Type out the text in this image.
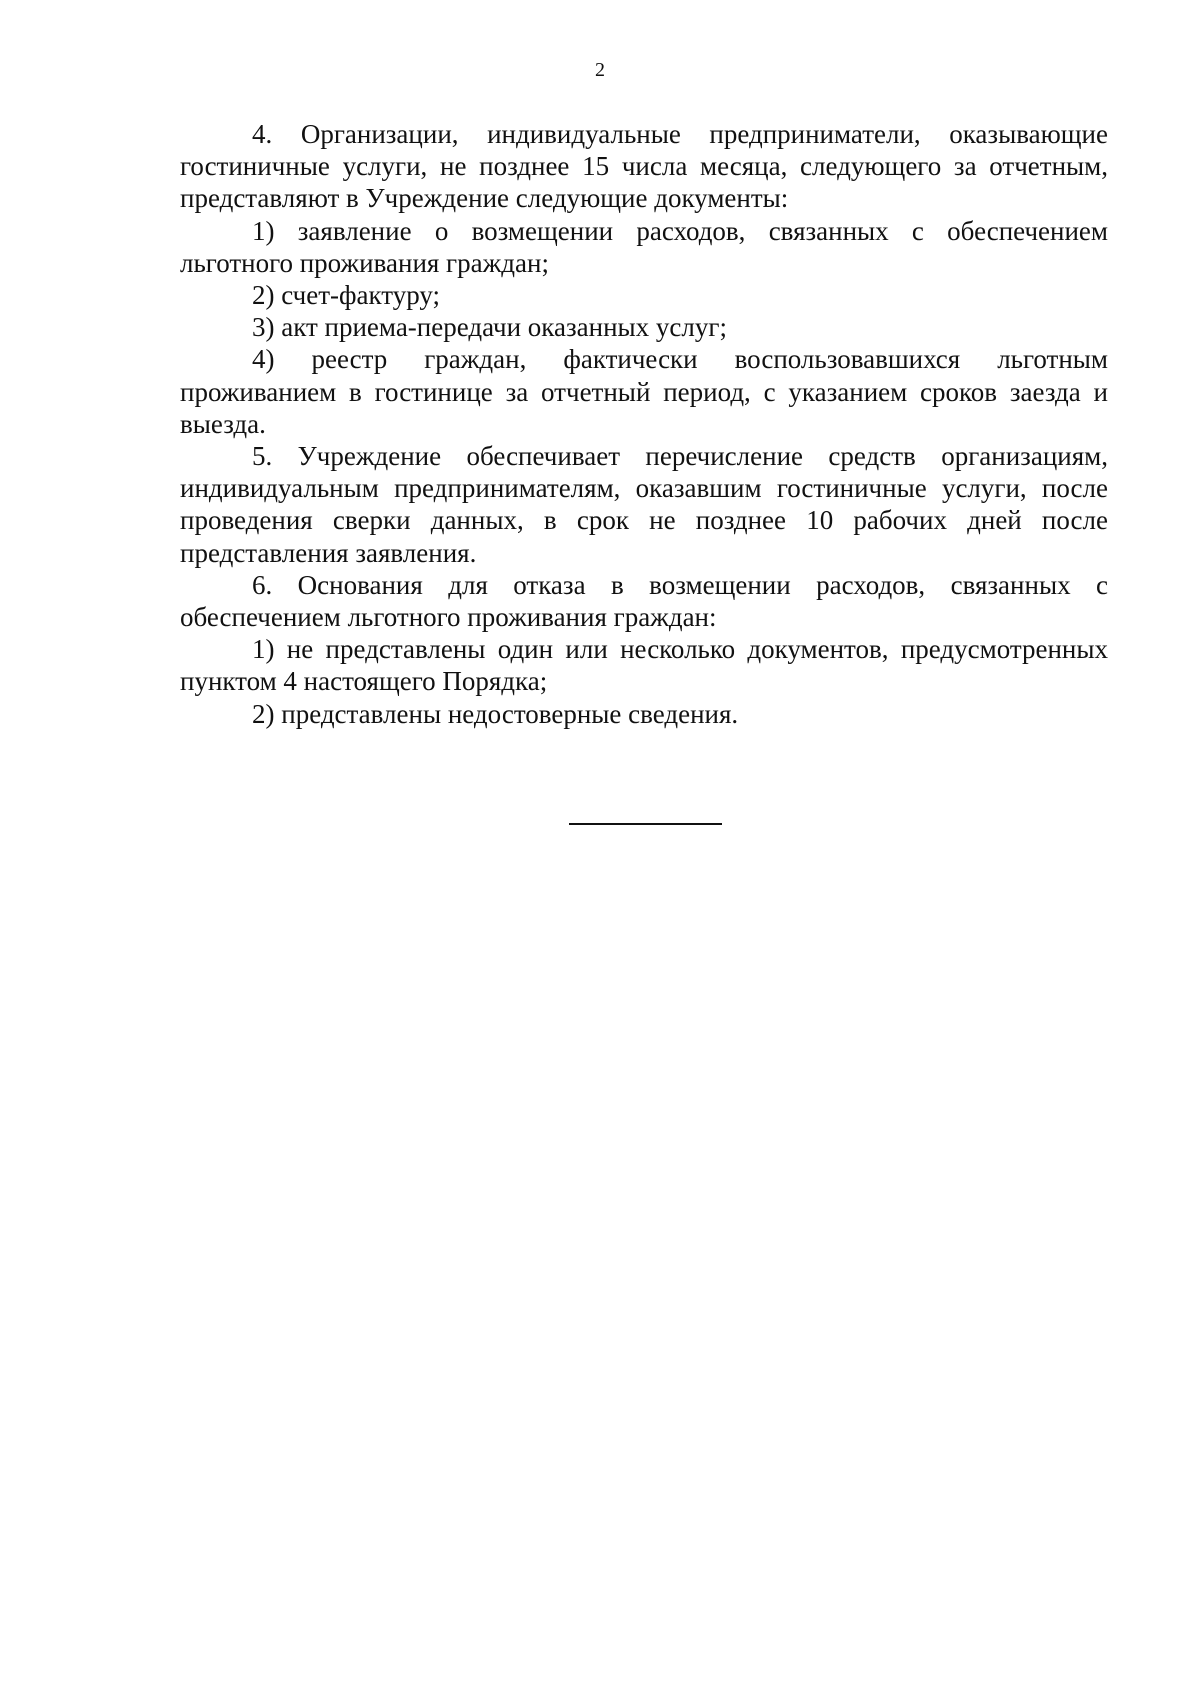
2

4. Организации, индивидуальные предприниматели, оказывающие гостиничные услуги, не позднее 15 числа месяца, следующего за отчетным, представляют в Учреждение следующие документы:

1) заявление о возмещении расходов, связанных с обеспечением льготного проживания граждан;

2) счет-фактуру;

3) акт приема-передачи оказанных услуг;

4) реестр граждан, фактически воспользовавшихся льготным проживанием в гостинице за отчетный период, с указанием сроков заезда и выезда.

5. Учреждение обеспечивает перечисление средств организациям, индивидуальным предпринимателям, оказавшим гостиничные услуги, после проведения сверки данных, в срок не позднее 10 рабочих дней после представления заявления.

6. Основания для отказа в возмещении расходов, связанных с обеспечением льготного проживания граждан:

1) не представлены один или несколько документов, предусмотренных пунктом 4 настоящего Порядка;

2) представлены недостоверные сведения.
